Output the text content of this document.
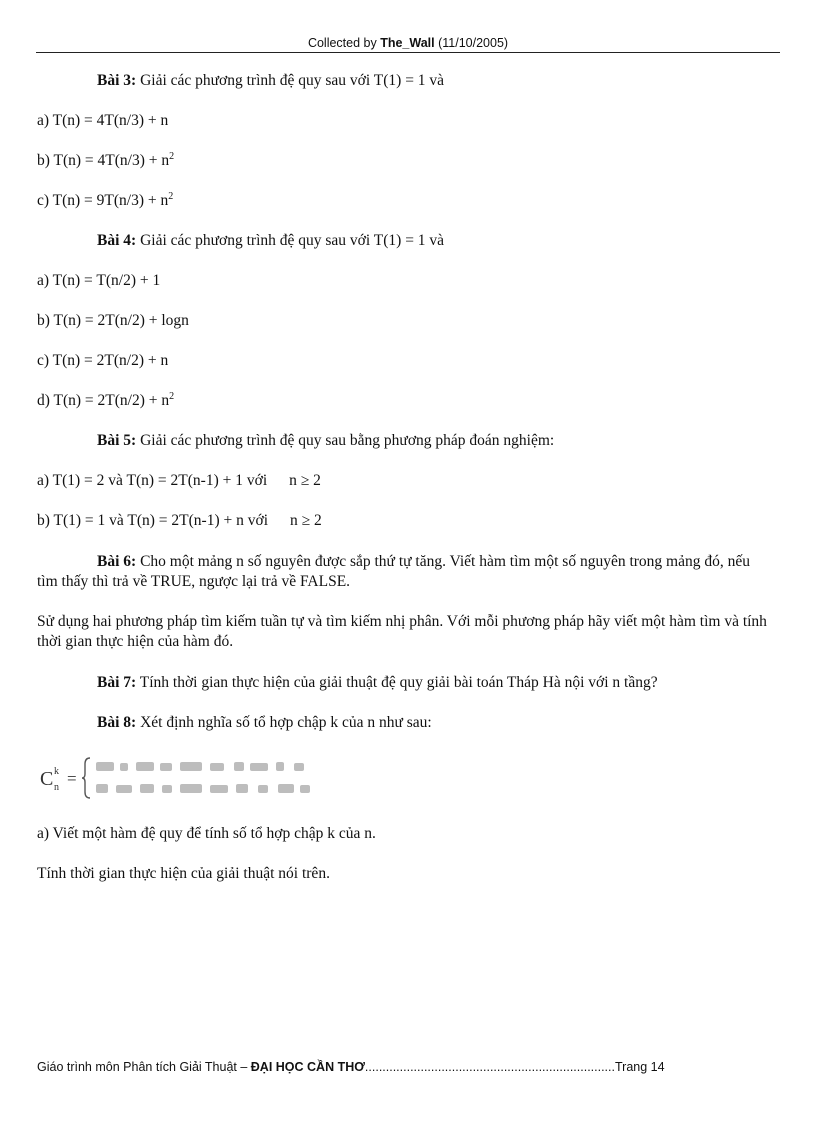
Collected by The_Wall (11/10/2005)
Bài 3: Giải các phương trình đệ quy sau với T(1) = 1 và
a) T(n) = 4T(n/3) + n
b) $T(n) = 4T(n/3) + n^2$
c) $T(n) = 9T(n/3) + n^2$
Bài 4: Giải các phương trình đệ quy sau với T(1) = 1 và
a) T(n) = T(n/2) + 1
b) T(n) = 2T(n/2) + logn
c) T(n) = 2T(n/2) + n
d) $T(n) = 2T(n/2) + n^2$
Bài 5: Giải các phương trình đệ quy sau bằng phương pháp đoán nghiệm:
a) T(1) = 2 và T(n) = 2T(n-1) + 1 với n ≥ 2
b) T(1) = 1 và T(n) = 2T(n-1) + n với n ≥ 2
Bài 6: Cho một mảng n số nguyên được sắp thứ tự tăng. Viết hàm tìm một số nguyên trong mảng đó, nếu tìm thấy thì trả về TRUE, ngược lại trả về FALSE.
Sử dụng hai phương pháp tìm kiếm tuần tự và tìm kiếm nhị phân. Với mỗi phương pháp hãy viết một hàm tìm và tính thời gian thực hiện của hàm đó.
Bài 7: Tính thời gian thực hiện của giải thuật đệ quy giải bài toán Tháp Hà nội với n tầng?
Bài 8: Xét định nghĩa số tổ hợp chập k của n như sau:
C k
n =
a) Viết một hàm đệ quy để tính số tổ hợp chập k của n.
Tính thời gian thực hiện của giải thuật nói trên.
Giáo trình môn Phân tích Giải Thuật – ĐẠI HỌC CẦN THƠ........................................................................Trang 14
